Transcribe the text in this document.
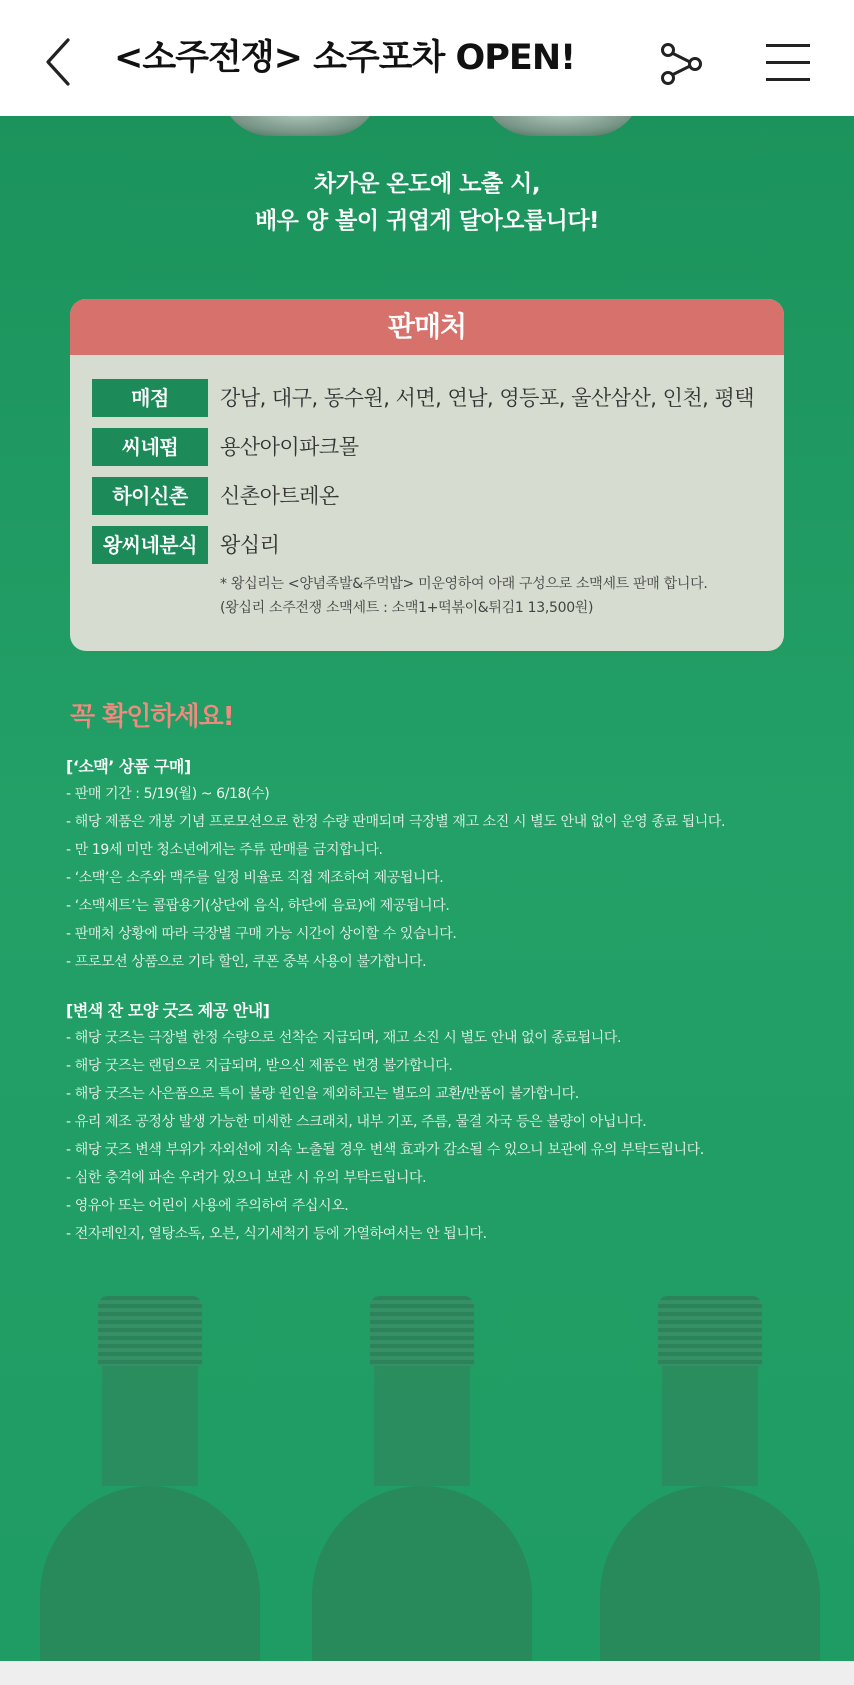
<소주전쟁> 소주포차 OPEN!
차가운 온도에 노출 시,
배우 양 볼이 귀엽게 달아오릅니다!
판매처
매점	강남, 대구, 동수원, 서면, 연남, 영등포, 울산삼산, 인천, 평택
씨네펍	용산아이파크몰
하이신촌	신촌아트레온
왕씨네분식	왕십리
* 왕십리는 <양념족발&주먹밥> 미운영하여 아래 구성으로 소맥세트 판매 합니다.
(왕십리 소주전쟁 소맥세트 : 소맥1+떡볶이&튀김1 13,500원)
꼭 확인하세요!
[‘소맥’ 상품 구매]
- 판매 기간 : 5/19(월) ~ 6/18(수)
- 해당 제품은 개봉 기념 프로모션으로 한정 수량 판매되며 극장별 재고 소진 시 별도 안내 없이 운영 종료 됩니다.
- 만 19세 미만 청소년에게는 주류 판매를 금지합니다.
- ‘소맥’은 소주와 맥주를 일정 비율로 직접 제조하여 제공됩니다.
- ‘소맥세트’는 콜팝용기(상단에 음식, 하단에 음료)에 제공됩니다.
- 판매처 상황에 따라 극장별 구매 가능 시간이 상이할 수 있습니다.
- 프로모션 상품으로 기타 할인, 쿠폰 중복 사용이 불가합니다.
[변색 잔 모양 굿즈 제공 안내]
- 해당 굿즈는 극장별 한정 수량으로 선착순 지급되며, 재고 소진 시 별도 안내 없이 종료됩니다.
- 해당 굿즈는 랜덤으로 지급되며, 받으신 제품은 변경 불가합니다.
- 해당 굿즈는 사은품으로 특이 불량 원인을 제외하고는 별도의 교환/반품이 불가합니다.
- 유리 제조 공정상 발생 가능한 미세한 스크래치, 내부 기포, 주름, 물결 자국 등은 불량이 아닙니다.
- 해당 굿즈 변색 부위가 자외선에 지속 노출될 경우 변색 효과가 감소될 수 있으니 보관에 유의 부탁드립니다.
- 심한 충격에 파손 우려가 있으니 보관 시 유의 부탁드립니다.
- 영유아 또는 어린이 사용에 주의하여 주십시오.
- 전자레인지, 열탕소독, 오븐, 식기세척기 등에 가열하여서는 안 됩니다.
